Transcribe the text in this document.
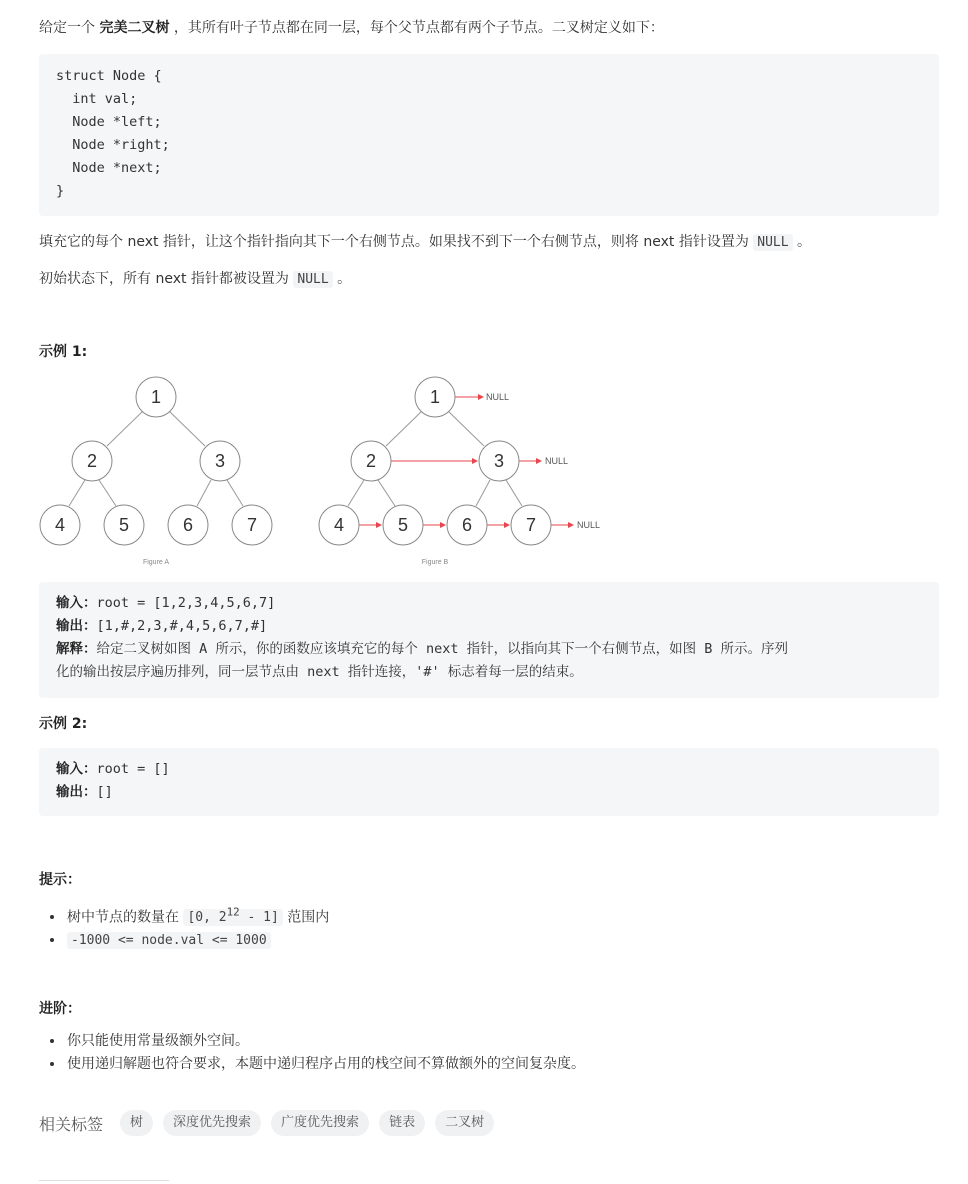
给定一个 完美二叉树 ，其所有叶子节点都在同一层，每个父节点都有两个子节点。二叉树定义如下：
struct Node {
int val;
Node *left;
Node *right;
Node *next;
}
填充它的每个 next 指针，让这个指针指向其下一个右侧节点。如果找不到下一个右侧节点，则将 next 指针设置为 NULL 。
初始状态下，所有 next 指针都被设置为 NULL 。
示例 1:
1
2	3
4	5	6	7
Figure A
1
2	3
4	5	6	7
NULL
NULL
NULL
Figure B
输入：root = [1,2,3,4,5,6,7]
输出：[1,#,2,3,#,4,5,6,7,#]
解释：给定二叉树如图 A 所示，你的函数应该填充它的每个 next 指针，以指向其下一个右侧节点，如图 B 所示。序列
化的输出按层序遍历排列，同一层节点由 next 指针连接，'#' 标志着每一层的结束。
示例 2:
输入：root = []
输出：[]
提示：
• 树中节点的数量在 [0, $2^{12} - 1$] 范围内
• -1000 <= node.val <= 1000
进阶：
• 你只能使用常量级额外空间。
• 使用递归解题也符合要求，本题中递归程序占用的栈空间不算做额外的空间复杂度。
相关标签	树	深度优先搜索	广度优先搜索	链表	二叉树
